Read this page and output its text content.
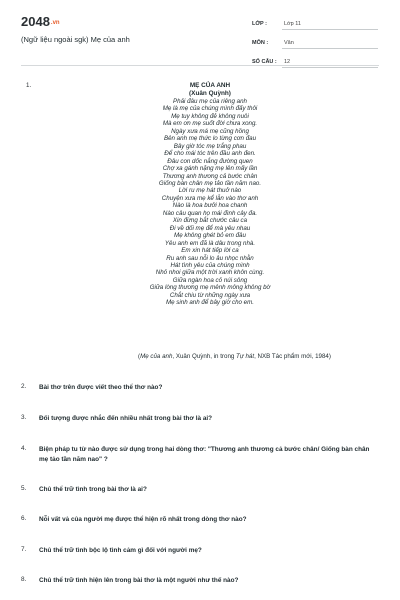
2048.vn
(Ngữ liệu ngoài sgk) Mẹ của anh
LỚP :	Lớp 11
MÔN :	Văn
SỐ CÂU :	12
1.	MẸ CỦA ANH
(Xuân Quỳnh)
Phải đâu mẹ của riêng anh
Mẹ là mẹ của chúng mình đấy thôi
Mẹ tuy không đẻ không nuôi
Mà em ơn mẹ suốt đời chưa xong.
Ngày xưa má mẹ cũng hồng
Bên anh mẹ thức lo từng cơn đau
Bây giờ tóc mẹ trắng phau
Để cho mái tóc trên đầu anh đen.
Đâu con dốc nắng đường quen
Chợ xa gánh nặng mẹ lên mấy lần
Thương anh thương cả bước chân
Giống bàn chân mẹ tảo tần năm nao.
Lời ru mẹ hát thuở nào
Chuyện xưa mẹ kể lẫn vào thơ anh
Nào là hoa bưởi hoa chanh
Nào câu quan họ mái đình cây đa.
Xin đừng bắt chước câu ca
Đi về dối mẹ để mà yêu nhau
Mẹ không ghét bỏ em đâu
Yêu anh em đã là dâu trong nhà.
Em xin hát tiếp lời ca
Ru anh sau nỗi lo âu nhọc nhằn
Hát tình yêu của chúng mình
Nhỏ nhoi giữa một trời xanh khôn cùng.
Giữa ngàn hoa cỏ núi sông
Giữa lòng thương mẹ mênh mông không bờ
Chắt chiu từ những ngày xưa
Mẹ sinh anh để bây giờ cho em.
(Mẹ của anh, Xuân Quỳnh, in trong Tự hát, NXB Tác phẩm mới, 1984)
2.	Bài thơ trên được viết theo thể thơ nào?
3.	Đối tượng được nhắc đến nhiều nhất trong bài thơ là ai?
4.	Biện pháp tu từ nào được sử dụng trong hai dòng thơ: "Thương anh thương cả bước chân/ Giống bàn chân mẹ tảo tần năm nao" ?
5.	Chủ thể trữ tình trong bài thơ là ai?
6.	Nỗi vất vả của người mẹ được thể hiện rõ nhất trong dòng thơ nào?
7.	Chủ thể trữ tình bộc lộ tình cảm gì đối với người mẹ?
8.	Chủ thể trữ tình hiện lên trong bài thơ là một người như thế nào?
